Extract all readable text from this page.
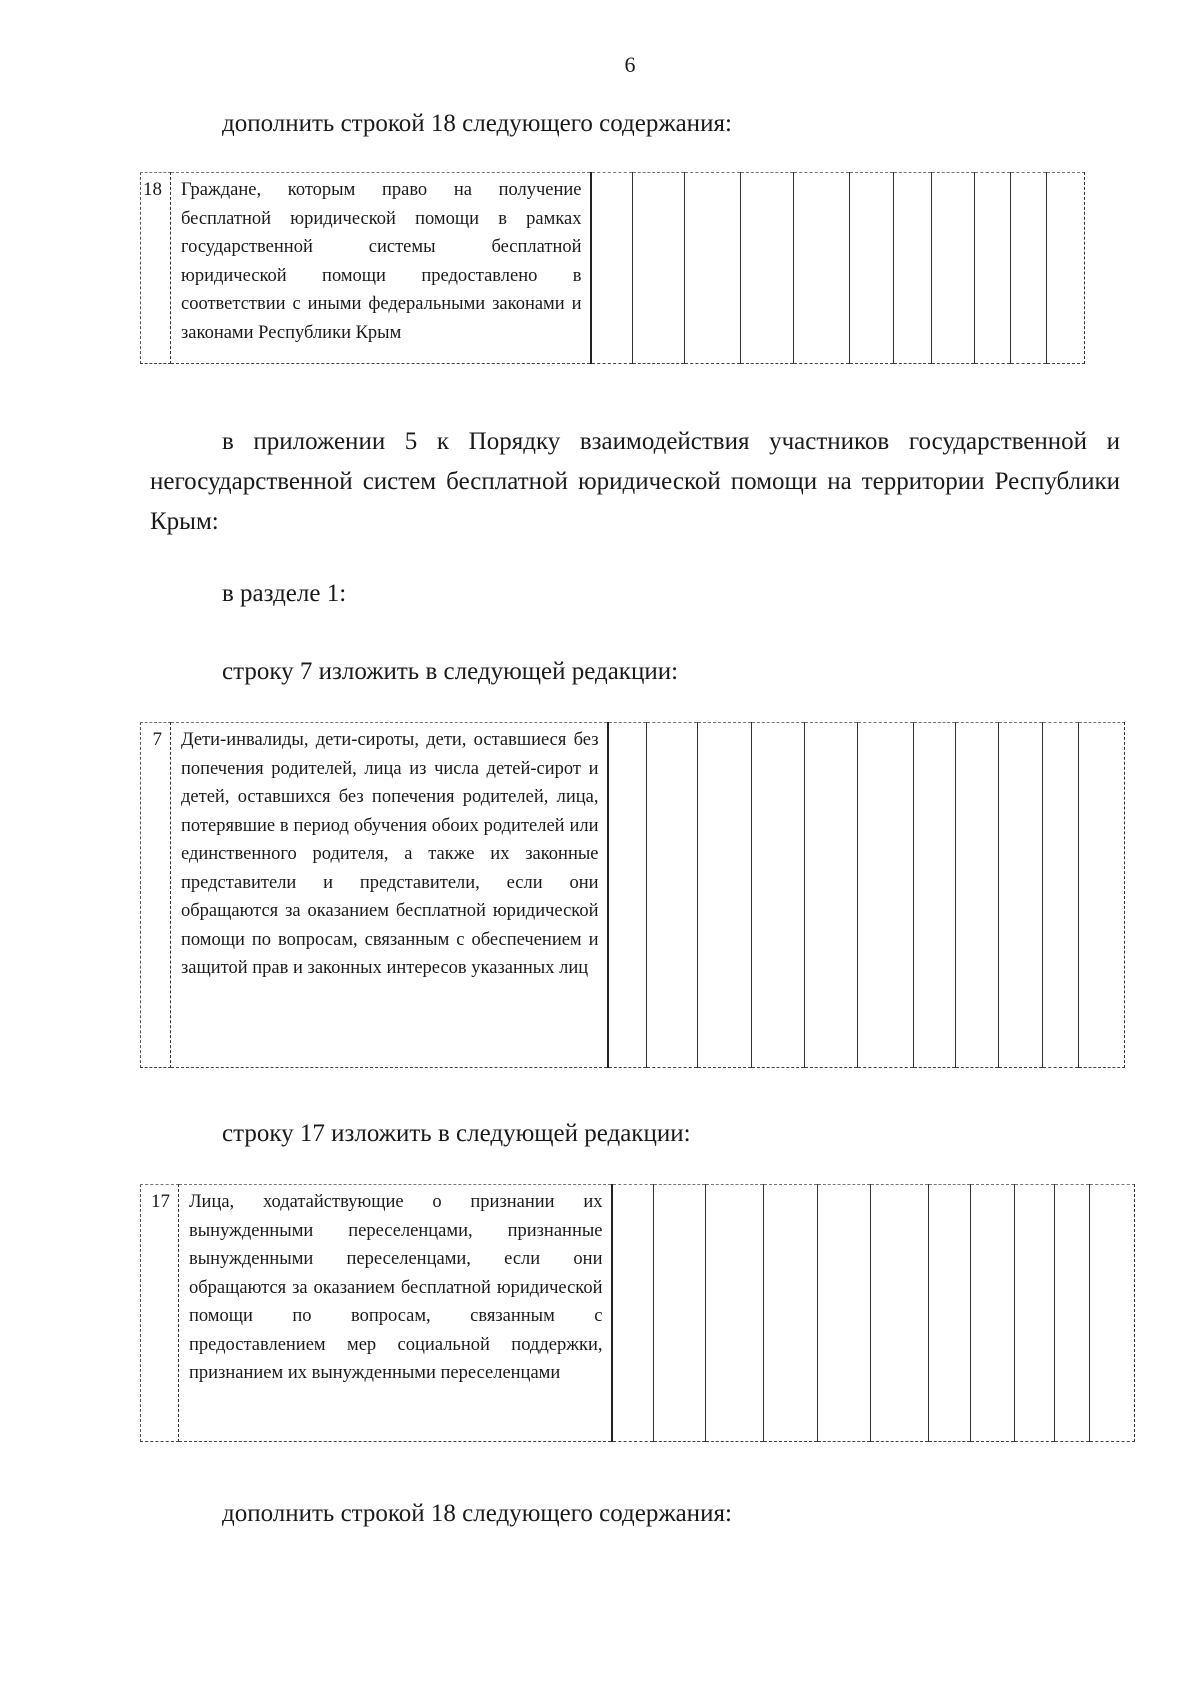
6

дополнить строкой 18 следующего содержания:

18	Граждане, которым право на получение бесплатной юридической помощи в рамках государственной системы бесплатной юридической помощи предоставлено в соответствии с иными федеральными законами и законами Республики Крым											

в приложении 5 к Порядку взаимодействия участников государственной и негосударственной систем бесплатной юридической помощи на территории Республики Крым:

в разделе 1:

строку 7 изложить в следующей редакции:

7	Дети-инвалиды, дети-сироты, дети, оставшиеся без попечения родителей, лица из числа детей-сирот и детей, оставшихся без попечения родителей, лица, потерявшие в период обучения обоих родителей или единственного родителя, а также их законные представители и представители, если они обращаются за оказанием бесплатной юридической помощи по вопросам, связанным с обеспечением и защитой прав и законных интересов указанных лиц											

строку 17 изложить в следующей редакции:

17	Лица, ходатайствующие о признании их вынужденными переселенцами, признанные вынужденными переселенцами, если они обращаются за оказанием бесплатной юридической помощи по вопросам, связанным с предоставлением мер социальной поддержки, признанием их вынужденными переселенцами											

дополнить строкой 18 следующего содержания:
